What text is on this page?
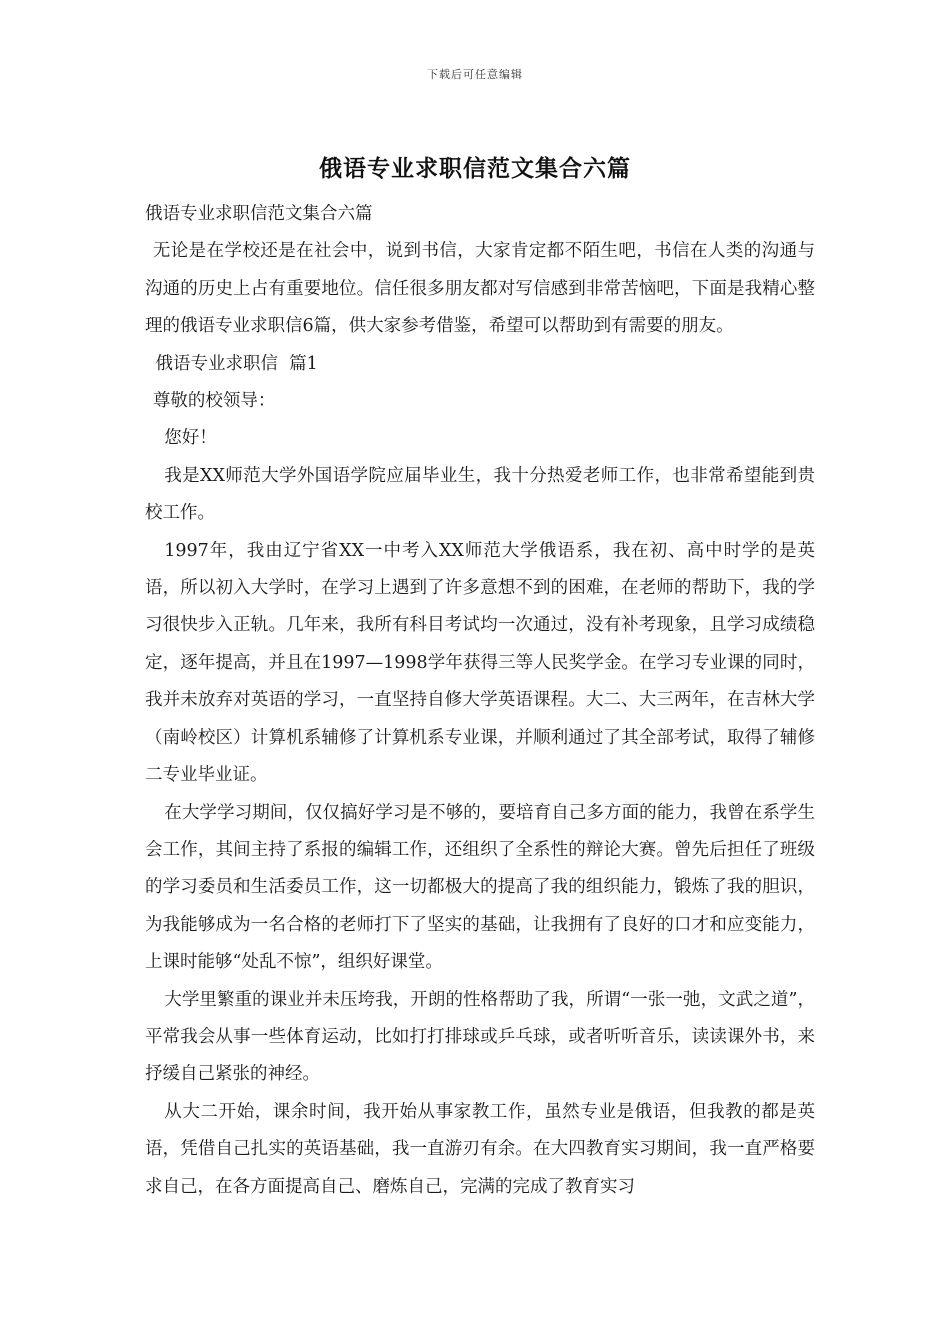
下载后可任意编辑
俄语专业求职信范文集合六篇

俄语专业求职信范文集合六篇

无论是在学校还是在社会中，说到书信，大家肯定都不陌生吧，书信在人类的沟通与沟通的历史上占有重要地位。信任很多朋友都对写信感到非常苦恼吧，下面是我精心整理的俄语专业求职信6篇，供大家参考借鉴，希望可以帮助到有需要的朋友。

俄语专业求职信  篇1

尊敬的校领导：

您好！

我是XX师范大学外国语学院应届毕业生，我十分热爱老师工作，也非常希望能到贵校工作。

1997年，我由辽宁省XX一中考入XX师范大学俄语系，我在初、高中时学的是英语，所以初入大学时，在学习上遇到了许多意想不到的困难，在老师的帮助下，我的学习很快步入正轨。几年来，我所有科目考试均一次通过，没有补考现象，且学习成绩稳定，逐年提高，并且在1997—1998学年获得三等人民奖学金。在学习专业课的同时，我并未放弃对英语的学习，一直坚持自修大学英语课程。大二、大三两年，在吉林大学（南岭校区）计算机系辅修了计算机系专业课，并顺利通过了其全部考试，取得了辅修二专业毕业证。

在大学学习期间，仅仅搞好学习是不够的，要培育自己多方面的能力，我曾在系学生会工作，其间主持了系报的编辑工作，还组织了全系性的辩论大赛。曾先后担任了班级的学习委员和生活委员工作，这一切都极大的提高了我的组织能力，锻炼了我的胆识，为我能够成为一名合格的老师打下了坚实的基础，让我拥有了良好的口才和应变能力，上课时能够“处乱不惊”，组织好课堂。

大学里繁重的课业并未压垮我，开朗的性格帮助了我，所谓“一张一弛，文武之道”，平常我会从事一些体育运动，比如打打排球或乒乓球，或者听听音乐，读读课外书，来抒缓自己紧张的神经。

从大二开始，课余时间，我开始从事家教工作，虽然专业是俄语，但我教的都是英语，凭借自己扎实的英语基础，我一直游刃有余。在大四教育实习期间，我一直严格要求自己，在各方面提高自己、磨炼自己，完满的完成了教育实习
